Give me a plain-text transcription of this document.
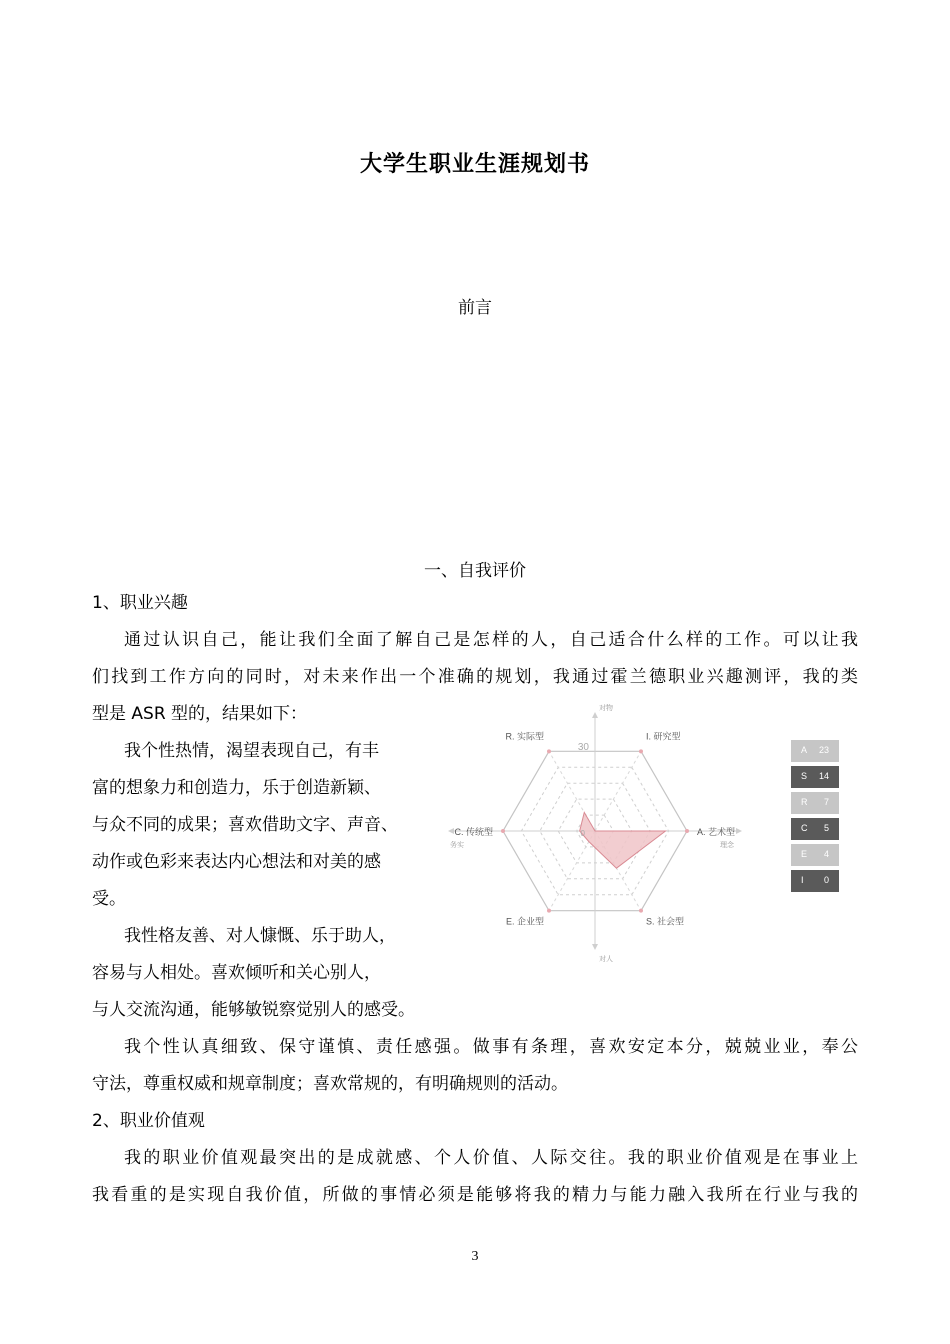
大学生职业生涯规划书
前言
一、自我评价
1、职业兴趣
通过认识自己，能让我们全面了解自己是怎样的人，自己适合什么样的工作。可以让我
们找到工作方向的同时，对未来作出一个准确的规划，我通过霍兰德职业兴趣测评，我的类
型是 ASR 型的，结果如下：
我个性热情，渴望表现自己，有丰
富的想象力和创造力，乐于创造新颖、
与众不同的成果；喜欢借助文字、声音、
动作或色彩来表达内心想法和对美的感
受。
我性格友善、对人慷慨、乐于助人，
容易与人相处。喜欢倾听和关心别人，
与人交流沟通，能够敏锐察觉别人的感受。
我个性认真细致、保守谨慎、责任感强。做事有条理，喜欢安定本分，兢兢业业，奉公
守法，尊重权威和规章制度；喜欢常规的，有明确规则的活动。
2、职业价值观
我的职业价值观最突出的是成就感、个人价值、人际交往。我的职业价值观是在事业上
我看重的是实现自我价值，所做的事情必须是能够将我的精力与能力融入我所在行业与我的
I. 研究型
A. 艺术型
S. 社会型
E. 企业型
C. 传统型
R. 实际型
对物
对人
务实	理念
30
0
A 23
S 14
R 7
C 5
E 4
I 0
3
